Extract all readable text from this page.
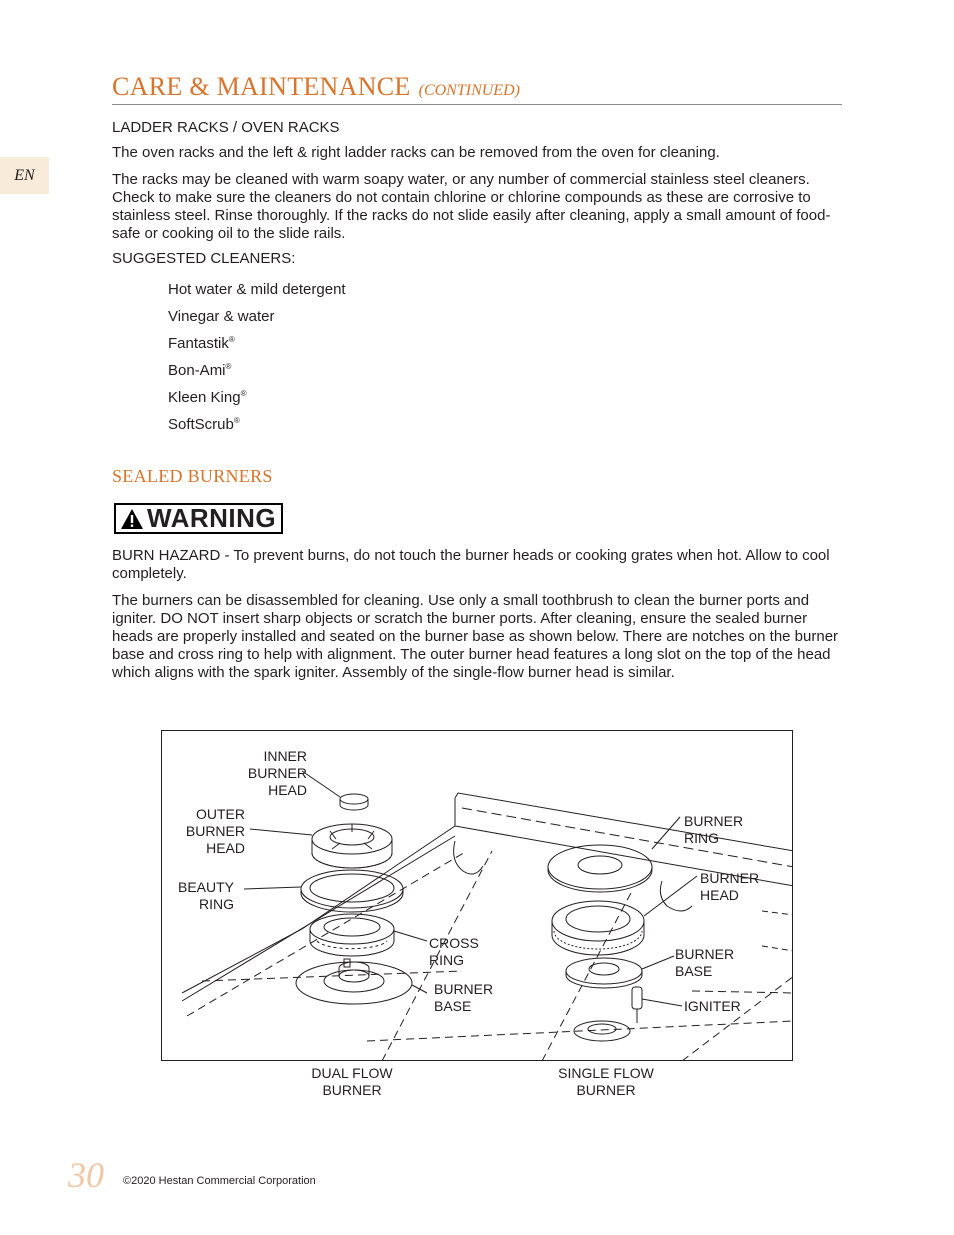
EN
CARE & MAINTENANCE (CONTINUED)
LADDER RACKS / OVEN RACKS
The oven racks and the left & right ladder racks can be removed from the oven for cleaning.
The racks may be cleaned with warm soapy water, or any number of commercial stainless steel cleaners. Check to make sure the cleaners do not contain chlorine or chlorine compounds as these are corrosive to stainless steel. Rinse thoroughly. If the racks do not slide easily after cleaning, apply a small amount of food-safe or cooking oil to the slide rails.
SUGGESTED CLEANERS:
Hot water & mild detergent
Vinegar & water
Fantastik®
Bon-Ami®
Kleen King®
SoftScrub®
SEALED BURNERS
WARNING
BURN HAZARD - To prevent burns, do not touch the burner heads or cooking grates when hot. Allow to cool completely.
The burners can be disassembled for cleaning. Use only a small toothbrush to clean the burner ports and igniter. DO NOT insert sharp objects or scratch the burner ports. After cleaning, ensure the sealed burner heads are properly installed and seated on the burner base as shown below. There are notches on the burner base and cross ring to help with alignment. The outer burner head features a long slot on the top of the head which aligns with the spark igniter. Assembly of the single-flow burner head is similar.
INNER
BURNER
HEAD
OUTER
BURNER
HEAD
BEAUTY
RING
CROSS
RING
BURNER
BASE
BURNER
RING
BURNER
HEAD
BURNER
BASE
IGNITER
DUAL FLOW
BURNER
SINGLE FLOW
BURNER
30 ©2020 Hestan Commercial Corporation
